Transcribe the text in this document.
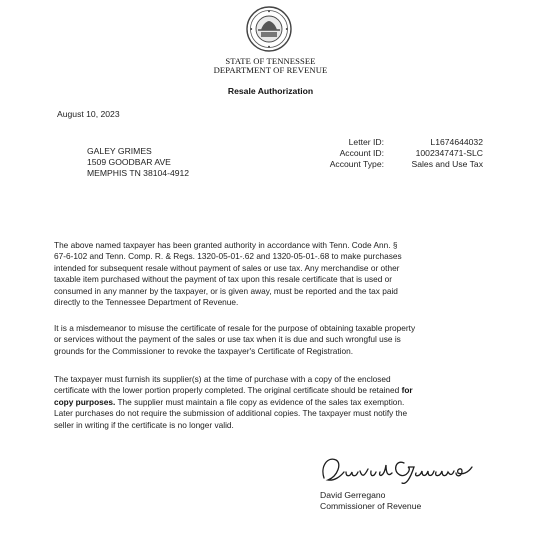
STATE OF TENNESSEE
DEPARTMENT OF REVENUE
Resale Authorization
August 10, 2023
GALEY GRIMES
1509 GOODBAR AVE
MEMPHIS TN 38104-4912
Letter ID:	L1674644032
Account ID:	1002347471-SLC
Account Type:	Sales and Use Tax
The above named taxpayer has been granted authority in accordance with Tenn. Code Ann. §
67-6-102 and Tenn. Comp. R. & Regs. 1320-05-01-.62 and 1320-05-01-.68 to make purchases
intended for subsequent resale without payment of sales or use tax. Any merchandise or other
taxable item purchased without the payment of tax upon this resale certificate that is used or
consumed in any manner by the taxpayer, or is given away, must be reported and the tax paid
directly to the Tennessee Department of Revenue.
It is a misdemeanor to misuse the certificate of resale for the purpose of obtaining taxable property
or services without the payment of the sales or use tax when it is due and such wrongful use is
grounds for the Commissioner to revoke the taxpayer's Certificate of Registration.
The taxpayer must furnish its supplier(s) at the time of purchase with a copy of the enclosed
certificate with the lower portion properly completed. The original certificate should be retained for
copy purposes. The supplier must maintain a file copy as evidence of the sales tax exemption.
Later purchases do not require the submission of additional copies. The taxpayer must notify the
seller in writing if the certificate is no longer valid.
David Gerregano
Commissioner of Revenue
